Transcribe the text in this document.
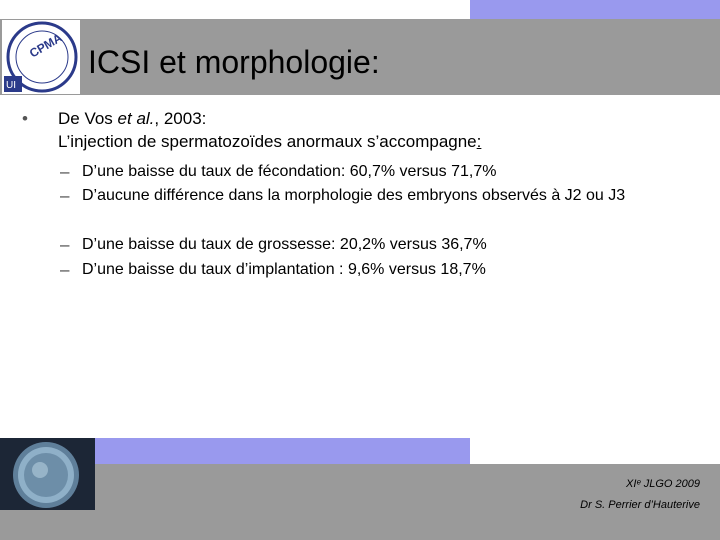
CPMA
UI
ICSI et morphologie:
• De Vos et al., 2003:
L’injection de spermatozoïdes anormaux s’accompagne:
– D’une baisse du taux de fécondation: 60,7% versus 71,7%
– D’aucune différence dans la morphologie des embryons observés à J2 ou J3
– D’une baisse du taux de grossesse: 20,2% versus 36,7%
– D’une baisse du taux d’implantation : 9,6% versus 18,7%
XIᵉ JLGO 2009
Dr S. Perrier d’Hauterive
